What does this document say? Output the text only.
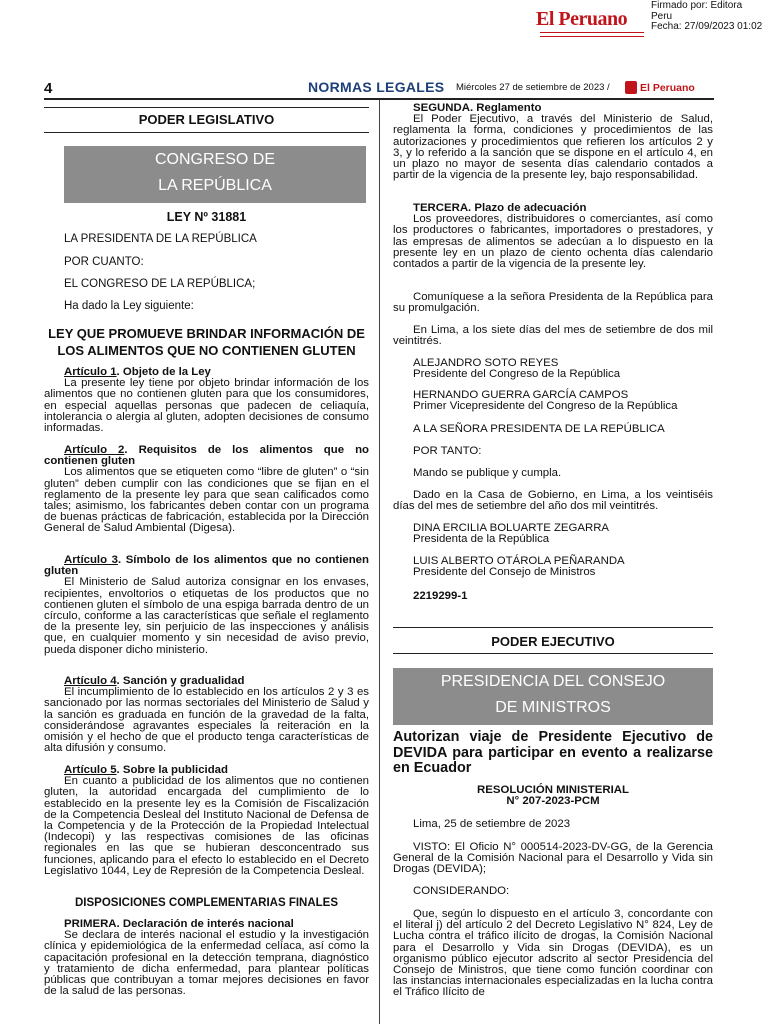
El Peruano
Firmado por: Editora
Peru
Fecha: 27/09/2023 01:02
4	NORMAS LEGALES Miércoles 27 de setiembre de 2023 /	El Peruano
PODER LEGISLATIVO
CONGRESO DE
LA REPÚBLICA
LEY Nº 31881
LA PRESIDENTA DE LA REPÚBLICA
POR CUANTO:
EL CONGRESO DE LA REPÚBLICA;
Ha dado la Ley siguiente:
LEY QUE PROMUEVE BRINDAR INFORMACIÓN DE
LOS ALIMENTOS QUE NO CONTIENEN GLUTEN

Artículo 1. Objeto de la Ley

La presente ley tiene por objeto brindar información de los alimentos que no contienen gluten para que los consumidores, en especial aquellas personas que padecen de celiaquía, intolerancia o alergia al gluten, adopten decisiones de consumo informadas.

Artículo 2. Requisitos de los alimentos que no contienen gluten

Los alimentos que se etiqueten como “libre de gluten” o “sin gluten” deben cumplir con las condiciones que se fijan en el reglamento de la presente ley para que sean calificados como tales; asimismo, los fabricantes deben contar con un programa de buenas prácticas de fabricación, establecida por la Dirección General de Salud Ambiental (Digesa).

Artículo 3. Símbolo de los alimentos que no contienen gluten

El Ministerio de Salud autoriza consignar en los envases, recipientes, envoltorios o etiquetas de los productos que no contienen gluten el símbolo de una espiga barrada dentro de un círculo, conforme a las características que señale el reglamento de la presente ley, sin perjuicio de las inspecciones y análisis que, en cualquier momento y sin necesidad de aviso previo, pueda disponer dicho ministerio.

Artículo 4. Sanción y gradualidad

El incumplimiento de lo establecido en los artículos 2 y 3 es sancionado por las normas sectoriales del Ministerio de Salud y la sanción es graduada en función de la gravedad de la falta, considerándose agravantes especiales la reiteración en la omisión y el hecho de que el producto tenga características de alta difusión y consumo.

Artículo 5. Sobre la publicidad

En cuanto a publicidad de los alimentos que no contienen gluten, la autoridad encargada del cumplimiento de lo establecido en la presente ley es la Comisión de Fiscalización de la Competencia Desleal del Instituto Nacional de Defensa de la Competencia y de la Protección de la Propiedad Intelectual (Indecopi) y las respectivas comisiones de las oficinas regionales en las que se hubieran desconcentrado sus funciones, aplicando para el efecto lo establecido en el Decreto Legislativo 1044, Ley de Represión de la Competencia Desleal.

DISPOSICIONES COMPLEMENTARIAS FINALES

PRIMERA. Declaración de interés nacional

Se declara de interés nacional el estudio y la investigación clínica y epidemiológica de la enfermedad celíaca, así como la capacitación profesional en la detección temprana, diagnóstico y tratamiento de dicha enfermedad, para plantear políticas públicas que contribuyan a tomar mejores decisiones en favor de la salud de las personas.

SEGUNDA. Reglamento

El Poder Ejecutivo, a través del Ministerio de Salud, reglamenta la forma, condiciones y procedimientos de las autorizaciones y procedimientos que refieren los artículos 2 y 3, y lo referido a la sanción que se dispone en el artículo 4, en un plazo no mayor de sesenta días calendario contados a partir de la vigencia de la presente ley, bajo responsabilidad.

TERCERA. Plazo de adecuación

Los proveedores, distribuidores o comerciantes, así como los productores o fabricantes, importadores o prestadores, y las empresas de alimentos se adecúan a lo dispuesto en la presente ley en un plazo de ciento ochenta días calendario contados a partir de la vigencia de la presente ley.

Comuníquese a la señora Presidenta de la República para su promulgación.

En Lima, a los siete días del mes de setiembre de dos mil veintitrés.

ALEJANDRO SOTO REYES

Presidente del Congreso de la República

HERNANDO GUERRA GARCÍA CAMPOS

Primer Vicepresidente del Congreso de la República

A LA SEÑORA PRESIDENTA DE LA REPÚBLICA
POR TANTO:
Mando se publique y cumpla.

Dado en la Casa de Gobierno, en Lima, a los veintiséis días del mes de setiembre del año dos mil veintitrés.

DINA ERCILIA BOLUARTE ZEGARRA

Presidenta de la República

LUIS ALBERTO OTÁROLA PEÑARANDA

Presidente del Consejo de Ministros

2219299-1
PODER EJECUTIVO
PRESIDENCIA DEL CONSEJO
DE MINISTROS
Autorizan viaje de Presidente Ejecutivo de DEVIDA para participar en evento a realizarse en Ecuador
RESOLUCIÓN MINISTERIAL
N° 207-2023-PCM
Lima, 25 de setiembre de 2023

VISTO: El Oficio N° 000514-2023-DV-GG, de la Gerencia General de la Comisión Nacional para el Desarrollo y Vida sin Drogas (DEVIDA);

CONSIDERANDO:

Que, según lo dispuesto en el artículo 3, concordante con el literal j) del artículo 2 del Decreto Legislativo N° 824, Ley de Lucha contra el tráfico ilícito de drogas, la Comisión Nacional para el Desarrollo y Vida sin Drogas (DEVIDA), es un organismo público ejecutor adscrito al sector Presidencia del Consejo de Ministros, que tiene como función coordinar con las instancias internacionales especializadas en la lucha contra el Tráfico Ilícito de
